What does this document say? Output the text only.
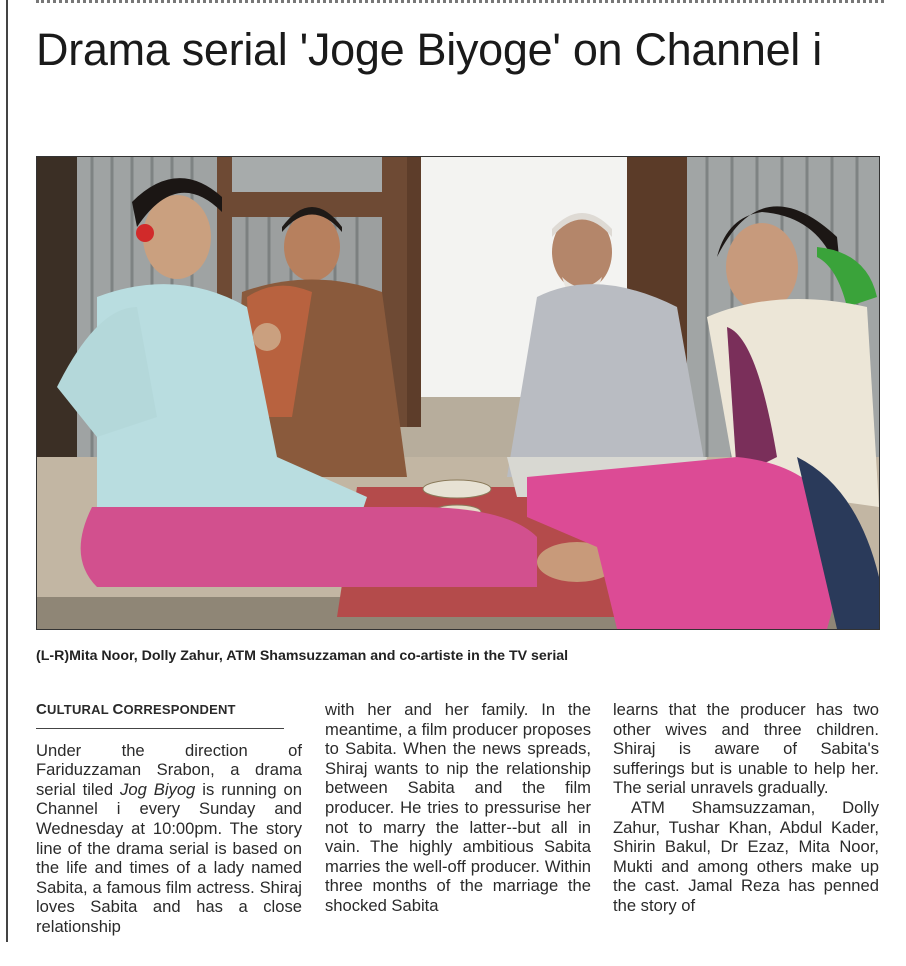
Drama serial 'Joge Biyoge' on Channel i
(L-R)Mita Noor, Dolly Zahur, ATM Shamsuzzaman and co-artiste in the TV serial
CULTURAL CORRESPONDENT

Under the direction of Fariduzzaman Srabon, a drama serial tiled Jog Biyog is running on Channel i every Sunday and Wednesday at 10:00pm. The story line of the drama serial is based on the life and times of a lady named Sabita, a famous film actress. Shiraj loves Sabita and has a close relationship

with her and her family. In the meantime, a film producer proposes to Sabita. When the news spreads, Shiraj wants to nip the relationship between Sabita and the film producer. He tries to pressurise her not to marry the latter--but all in vain. The highly ambitious Sabita marries the well-off producer. Within three months of the marriage the shocked Sabita

learns that the producer has two other wives and three children. Shiraj is aware of Sabita's sufferings but is unable to help her. The serial unravels gradually.

ATM Shamsuzzaman, Dolly Zahur, Tushar Khan, Abdul Kader, Shirin Bakul, Dr Ezaz, Mita Noor, Mukti and among others make up the cast. Jamal Reza has penned the story of
